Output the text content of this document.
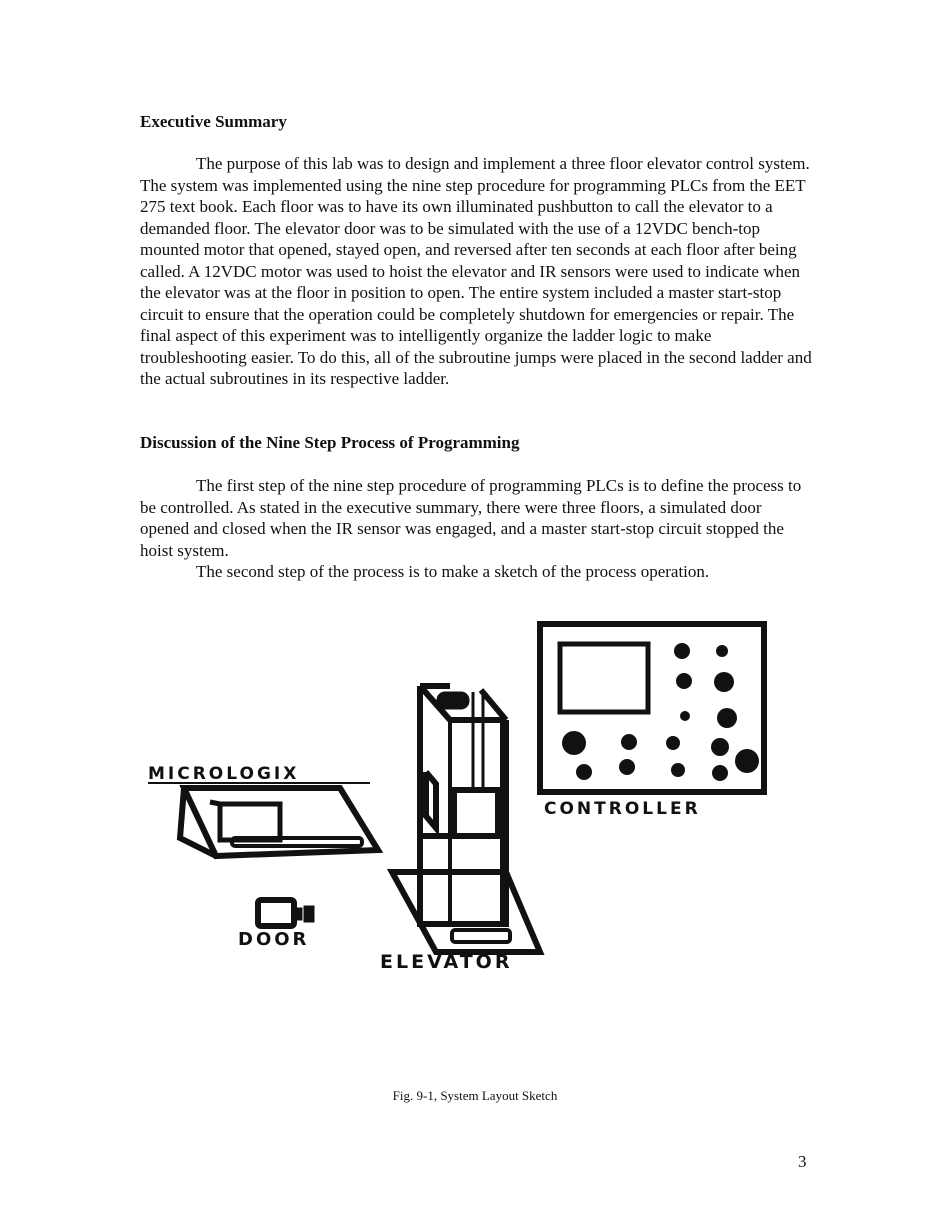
Executive Summary

The purpose of this lab was to design and implement a three floor elevator control system. The system was implemented using the nine step procedure for programming PLCs from the EET 275 text book. Each floor was to have its own illuminated pushbutton to call the elevator to a demanded floor. The elevator door was to be simulated with the use of a 12VDC bench-top mounted motor that opened, stayed open, and reversed after ten seconds at each floor after being called. A 12VDC motor was used to hoist the elevator and IR sensors were used to indicate when the elevator was at the floor in position to open. The entire system included a master start-stop circuit to ensure that the operation could be completely shutdown for emergencies or repair. The final aspect of this experiment was to intelligently organize the ladder logic to make troubleshooting easier. To do this, all of the subroutine jumps were placed in the second ladder and the actual subroutines in its respective ladder.

Discussion of the Nine Step Process of Programming

The first step of the nine step procedure of programming PLCs is to define the process to be controlled. As stated in the executive summary, there were three floors, a simulated door opened and closed when the IR sensor was engaged, and a master start-stop circuit stopped the hoist system.

The second step of the process is to make a sketch of the process operation.

CONTROLLER
ELEVATOR
MICROLOGIX
DOOR
Fig. 9-1, System Layout Sketch
3
